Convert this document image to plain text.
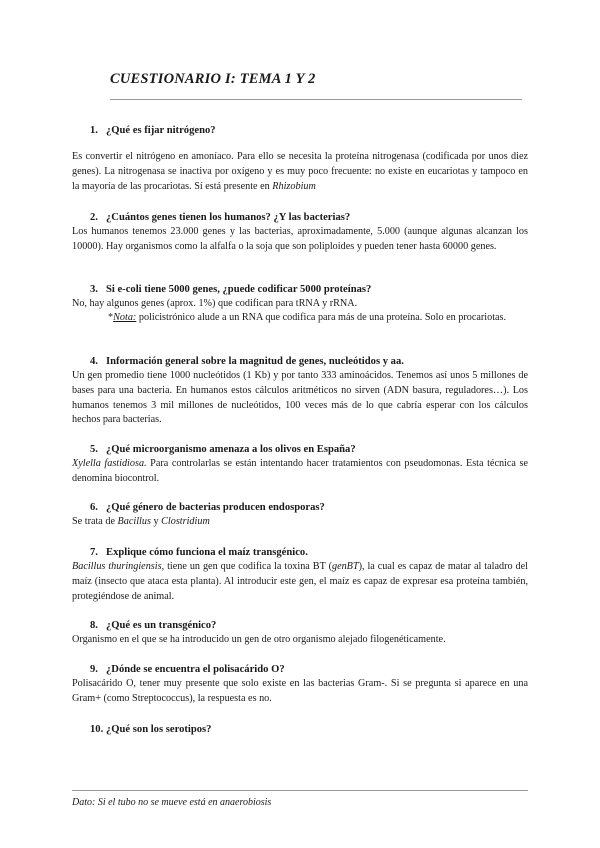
CUESTIONARIO I: TEMA 1 Y 2
1. ¿Qué es fijar nitrógeno?
Es convertir el nitrógeno en amoníaco. Para ello se necesita la proteína nitrogenasa (codificada por unos diez genes). La nitrogenasa se inactiva por oxígeno y es muy poco frecuente: no existe en eucariotas y tampoco en la mayoría de las procariotas. Sí está presente en Rhizobium
2. ¿Cuántos genes tienen los humanos? ¿Y las bacterias?
Los humanos tenemos 23.000 genes y las bacterias, aproximadamente, 5.000 (aunque algunas alcanzan los 10000). Hay organismos como la alfalfa o la soja que son poliploides y pueden tener hasta 60000 genes.
3. Si e-coli tiene 5000 genes, ¿puede codificar 5000 proteínas?
No, hay algunos genes (aprox. 1%) que codifican para tRNA y rRNA.
*Nota: policistrónico alude a un RNA que codifica para más de una proteína. Solo en procariotas.
4. Información general sobre la magnitud de genes, nucleótidos y aa.
Un gen promedio tiene 1000 nucleótidos (1 Kb) y por tanto 333 aminoácidos. Tenemos así unos 5 millones de bases para una bacteria. En humanos estos cálculos aritméticos no sirven (ADN basura, reguladores…). Los humanos tenemos 3 mil millones de nucleótidos, 100 veces más de lo que cabría esperar con los cálculos hechos para bacterias.
5. ¿Qué microorganismo amenaza a los olivos en España?
Xylella fastidiosa. Para controlarlas se están intentando hacer tratamientos con pseudomonas. Esta técnica se denomina biocontrol.
6. ¿Qué género de bacterias producen endosporas?
Se trata de Bacillus y Clostridium
7. Explique cómo funciona el maíz transgénico.
Bacillus thuringiensis, tiene un gen que codifica la toxina BT (genBT), la cual es capaz de matar al taladro del maíz (insecto que ataca esta planta). Al introducir este gen, el maíz es capaz de expresar esa proteína también, protegiéndose de animal.
8. ¿Qué es un transgénico?
Organismo en el que se ha introducido un gen de otro organismo alejado filogenéticamente.
9. ¿Dónde se encuentra el polisacárido O?
Polisacárido O, tener muy presente que solo existe en las bacterias Gram-. Si se pregunta si aparece en una Gram+ (como Streptococcus), la respuesta es no.
10. ¿Qué son los serotipos?
Dato: Si el tubo no se mueve está en anaerobiosis
